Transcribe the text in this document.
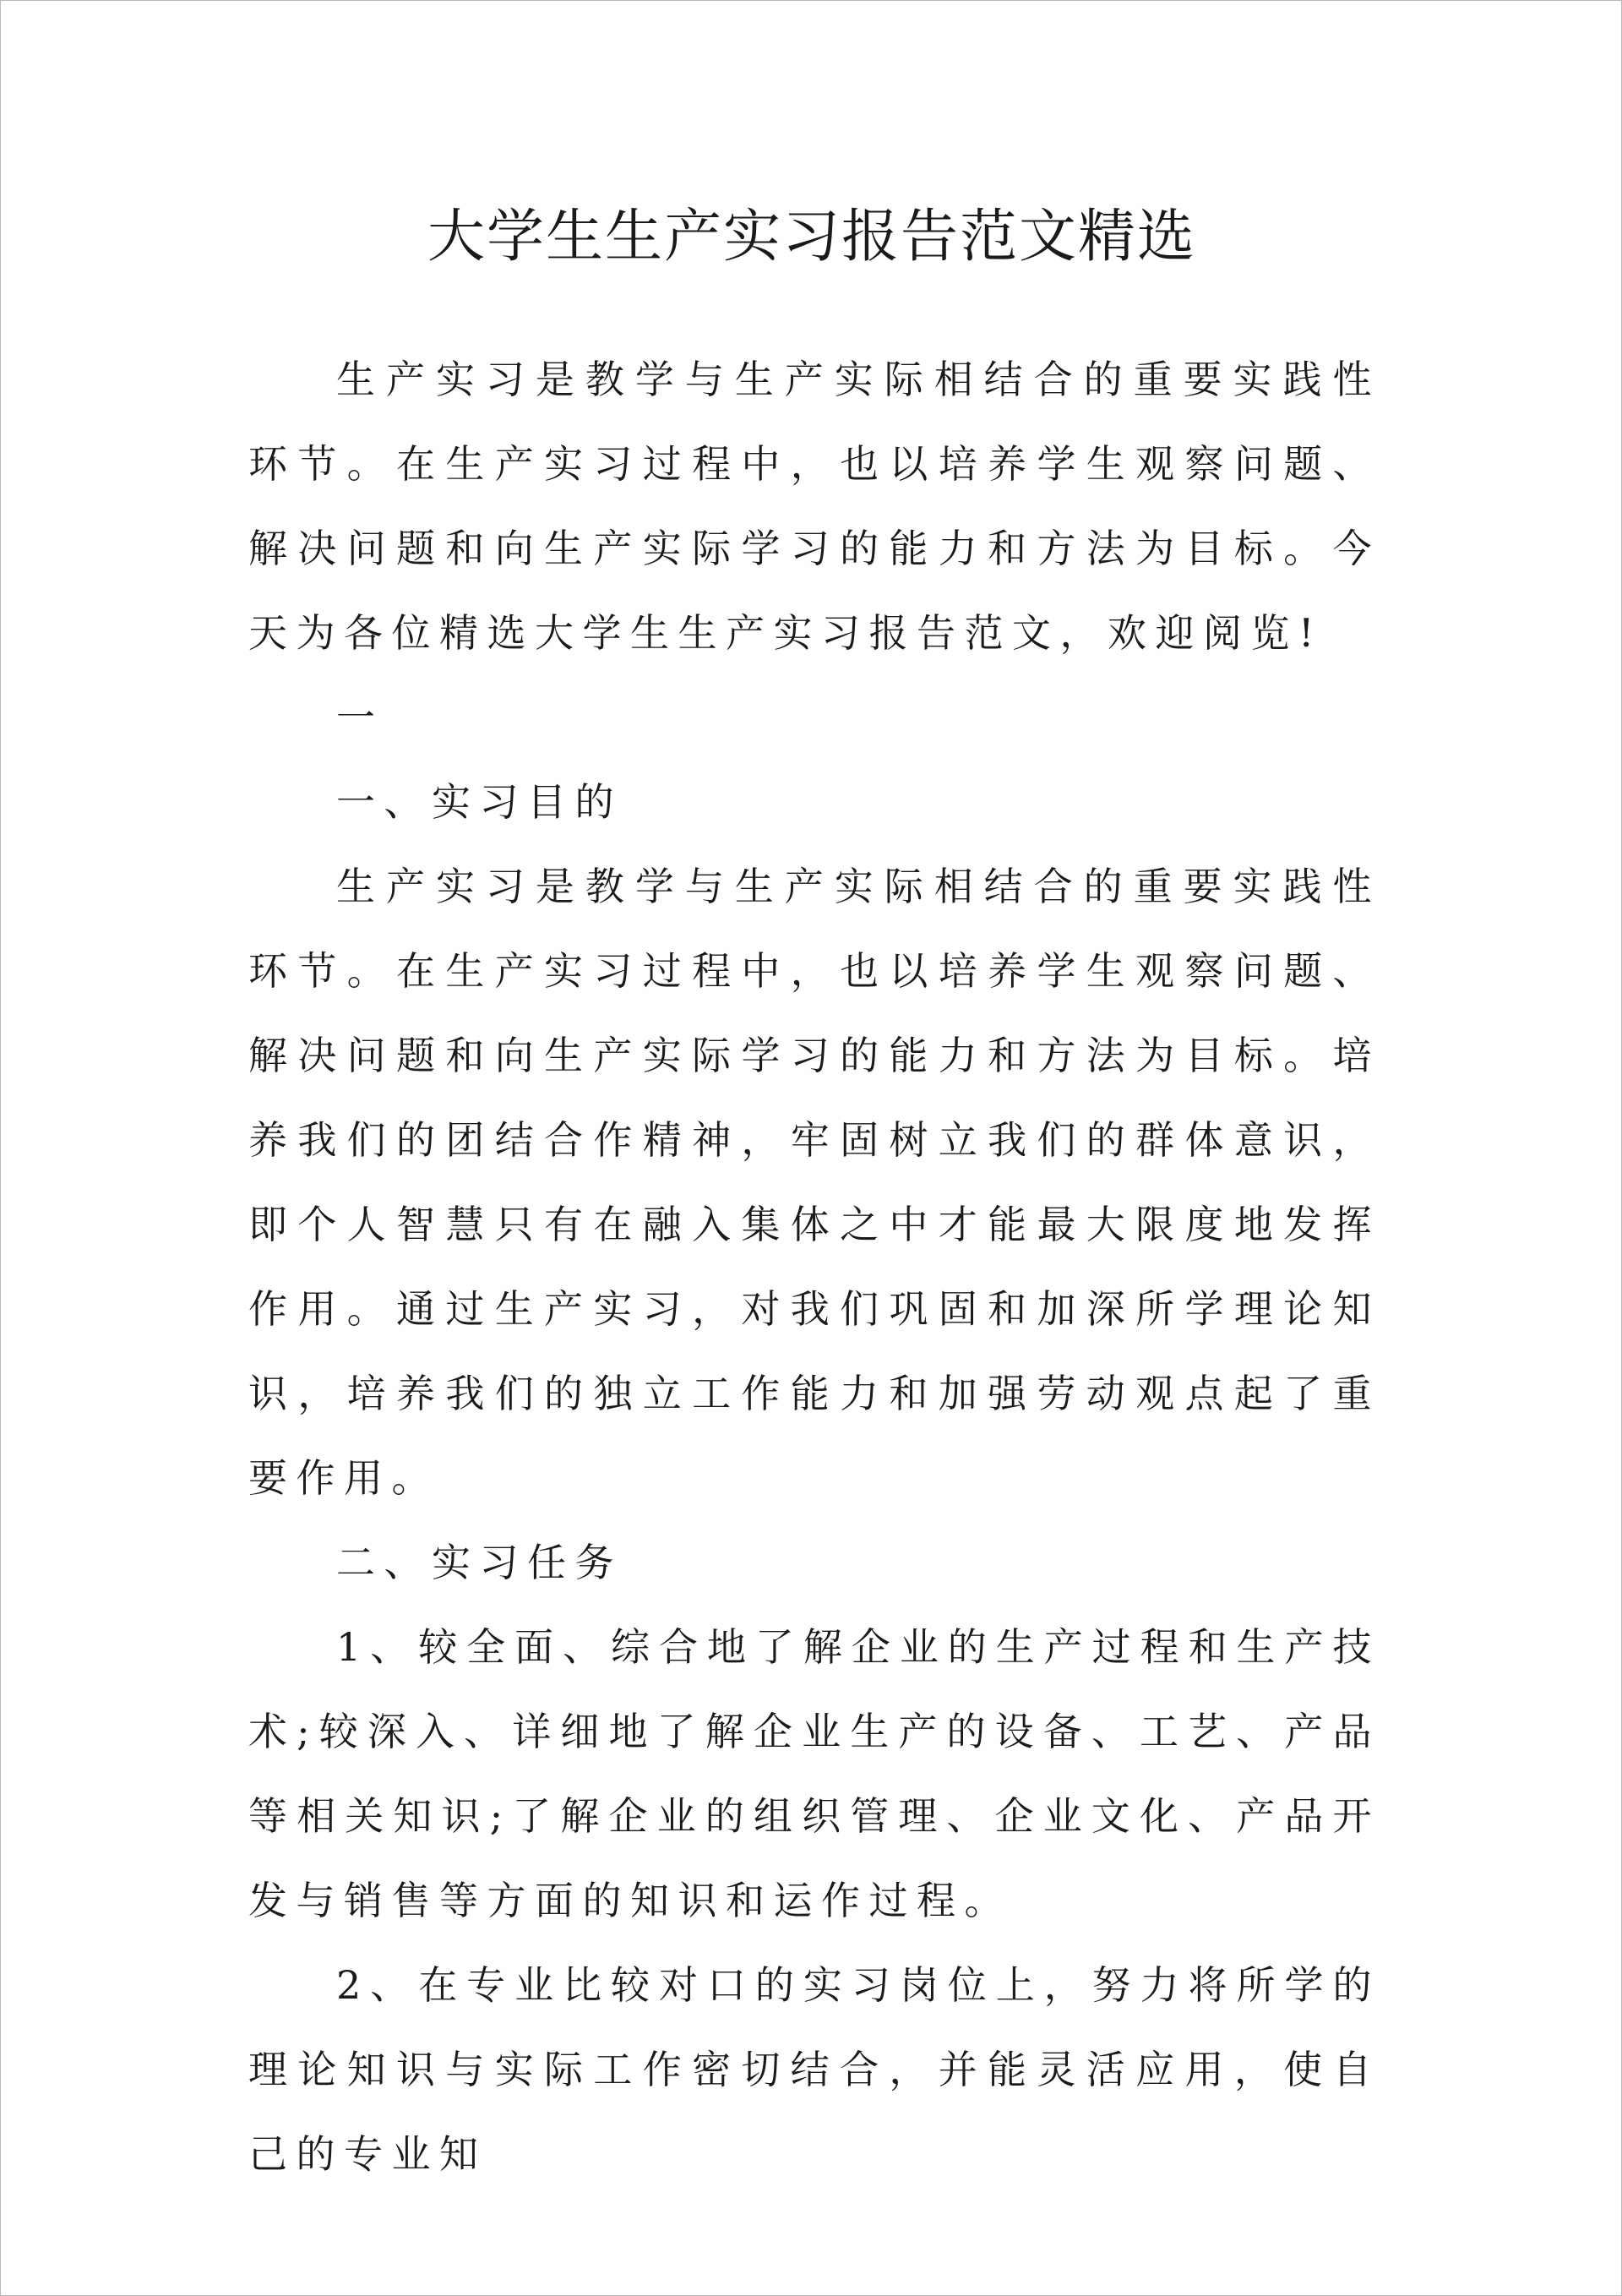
大学生生产实习报告范文精选

生产实习是教学与生产实际相结合的重要实践性环节。在生产实习过程中，也以培养学生观察问题、解决问题和向生产实际学习的能力和方法为目标。今天为各位精选大学生生产实习报告范文，欢迎阅览!

一

一、实习目的

生产实习是教学与生产实际相结合的重要实践性环节。在生产实习过程中，也以培养学生观察问题、解决问题和向生产实际学习的能力和方法为目标。培养我们的团结合作精神，牢固树立我们的群体意识，即个人智慧只有在融入集体之中才能最大限度地发挥作用。通过生产实习，对我们巩固和加深所学理论知识，培养我们的独立工作能力和加强劳动观点起了重要作用。

二、实习任务

1、较全面、综合地了解企业的生产过程和生产技术;较深入、详细地了解企业生产的设备、工艺、产品等相关知识;了解企业的组织管理、企业文化、产品开发与销售等方面的知识和运作过程。

2、在专业比较对口的实习岗位上，努力将所学的理论知识与实际工作密切结合，并能灵活应用，使自己的专业知
